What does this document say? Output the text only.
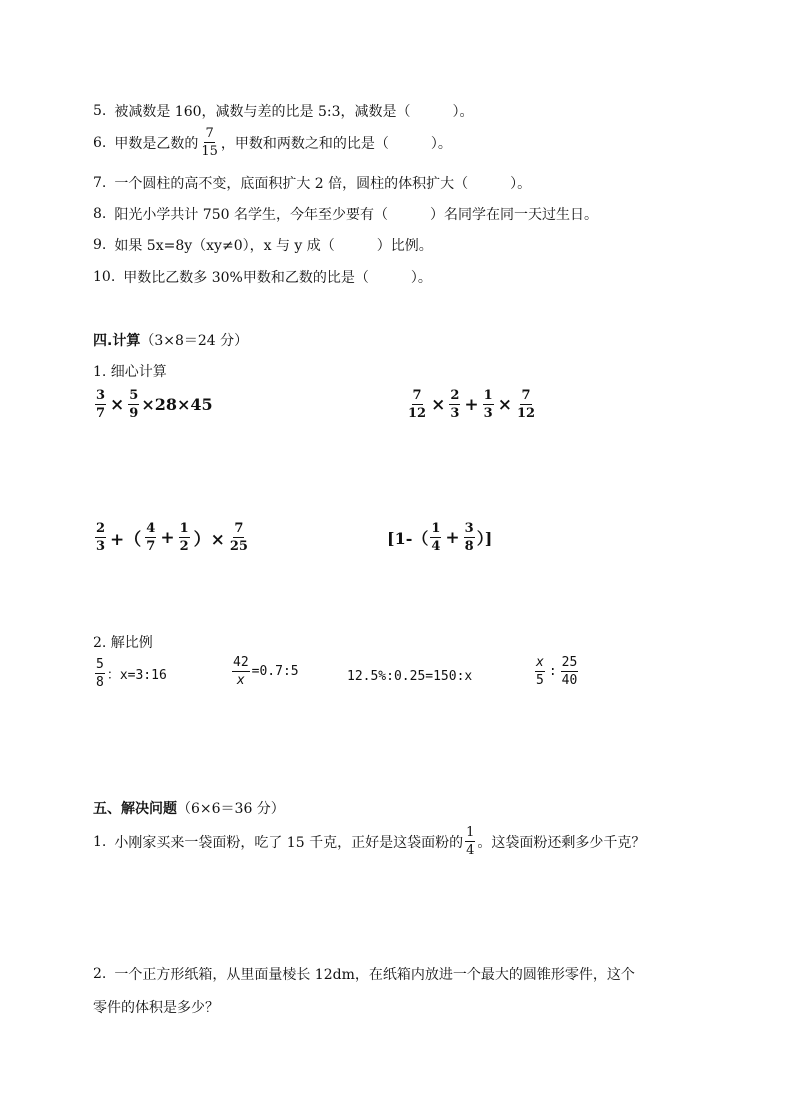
5. 被减数是 160，减数与差的比是 5:3，减数是（　　　）。
6. 甲数是乙数的 $\frac{7}{15}$ ，甲数和两数之和的比是（　　　）。
7. 一个圆柱的高不变，底面积扩大 2 倍，圆柱的体积扩大（　　　）。
8. 阳光小学共计 750 名学生，今年至少要有（　　　）名同学在同一天过生日。
9. 如果 5x=8y（xy≠0），x 与 y 成（　　　）比例。
10. 甲数比乙数多 30%甲数和乙数的比是（　　　）。
四.计算（3×8＝24 分）
1. 细心计算
$\frac{3}{7} \times \frac{5}{9} \times 28\times 45$	$\frac{7}{12} \times \frac{2}{3} + \frac{1}{3} \times \frac{7}{12}$
$\frac{2}{3}$ +（ $\frac{4}{7} + \frac{1}{2}$ ）× $\frac{7}{25}$	[$1-( \frac{1}{4} + \frac{3}{8}$ ）]
2. 解比例
$\frac{5}{8}$ ：x=3:16	$\frac{42}{x}$ =0.7:5	12.5%:0.25=150:x	$\frac{x}{5}$ : $\frac{25}{40}$
五、解决问题（6×6＝36 分）
1. 小刚家买来一袋面粉，吃了 15 千克，正好是这袋面粉的 $\frac{1}{4}$ 。这袋面粉还剩多少千克？
2. 一个正方形纸箱，从里面量棱长 12dm，在纸箱内放进一个最大的圆锥形零件，这个
零件的体积是多少？
